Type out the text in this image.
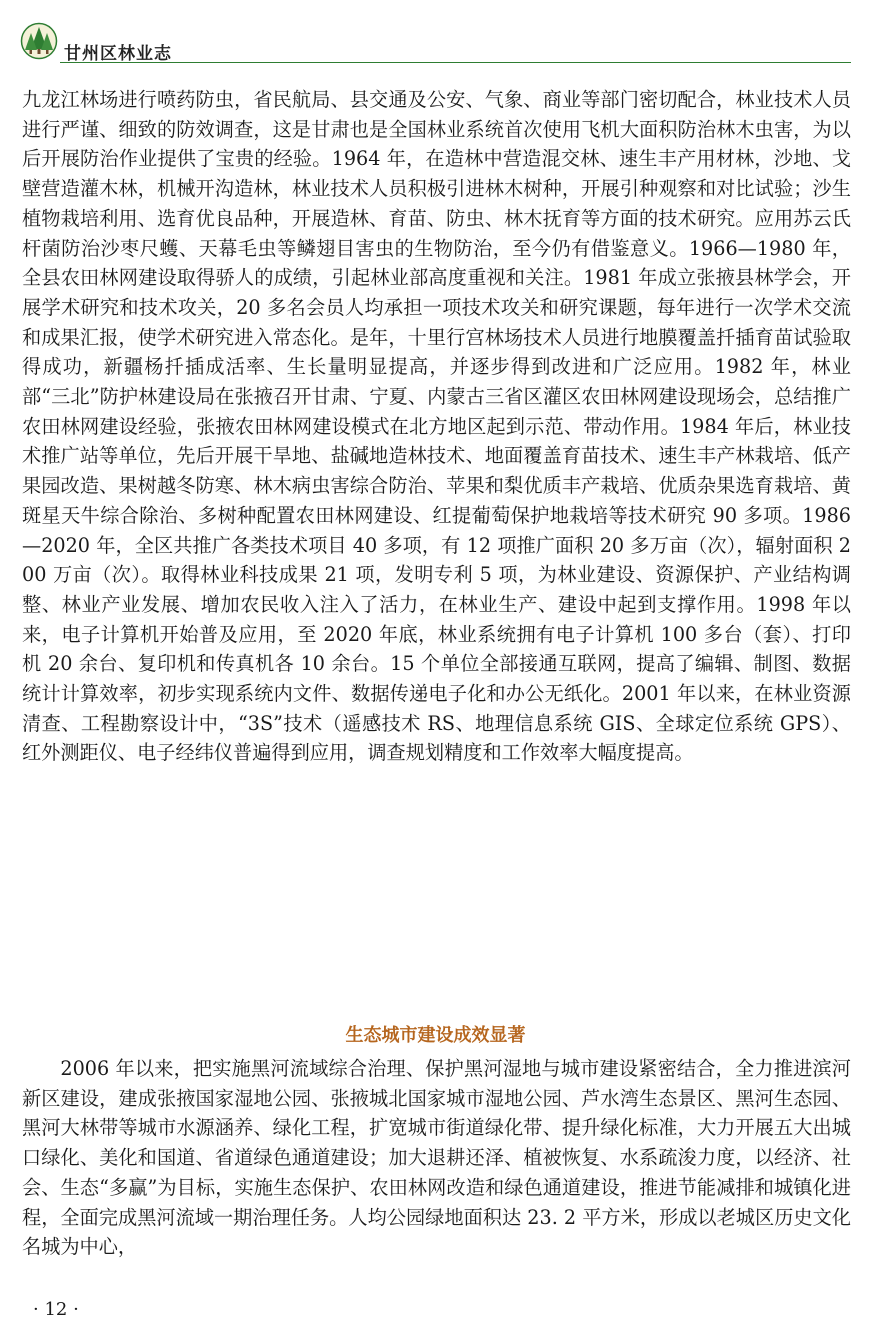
甘州区林业志

九龙江林场进行喷药防虫，省民航局、县交通及公安、气象、商业等部门密切配合，林业技术人员进行严谨、细致的防效调查，这是甘肃也是全国林业系统首次使用飞机大面积防治林木虫害，为以后开展防治作业提供了宝贵的经验。1964 年，在造林中营造混交林、速生丰产用材林，沙地、戈壁营造灌木林，机械开沟造林，林业技术人员积极引进林木树种，开展引种观察和对比试验；沙生植物栽培利用、选育优良品种，开展造林、育苗、防虫、林木抚育等方面的技术研究。应用苏云氏杆菌防治沙枣尺蠖、天幕毛虫等鳞翅目害虫的生物防治，至今仍有借鉴意义。1966—1980 年，全县农田林网建设取得骄人的成绩，引起林业部高度重视和关注。1981 年成立张掖县林学会，开展学术研究和技术攻关，20 多名会员人均承担一项技术攻关和研究课题，每年进行一次学术交流和成果汇报，使学术研究进入常态化。是年，十里行宫林场技术人员进行地膜覆盖扦插育苗试验取得成功，新疆杨扦插成活率、生长量明显提高，并逐步得到改进和广泛应用。1982 年，林业部“三北”防护林建设局在张掖召开甘肃、宁夏、内蒙古三省区灌区农田林网建设现场会，总结推广农田林网建设经验，张掖农田林网建设模式在北方地区起到示范、带动作用。1984 年后，林业技术推广站等单位，先后开展干旱地、盐碱地造林技术、地面覆盖育苗技术、速生丰产林栽培、低产果园改造、果树越冬防寒、林木病虫害综合防治、苹果和梨优质丰产栽培、优质杂果选育栽培、黄斑星天牛综合除治、多树种配置农田林网建设、红提葡萄保护地栽培等技术研究 90 多项。1986—2020 年，全区共推广各类技术项目 40 多项，有 12 项推广面积 20 多万亩（次），辐射面积 200 万亩（次）。取得林业科技成果 21 项，发明专利 5 项，为林业建设、资源保护、产业结构调整、林业产业发展、增加农民收入注入了活力，在林业生产、建设中起到支撑作用。1998 年以来，电子计算机开始普及应用，至 2020 年底，林业系统拥有电子计算机 100 多台（套）、打印机 20 余台、复印机和传真机各 10 余台。15 个单位全部接通互联网，提高了编辑、制图、数据统计计算效率，初步实现系统内文件、数据传递电子化和办公无纸化。2001 年以来，在林业资源清查、工程勘察设计中，“3S”技术（遥感技术 RS、地理信息系统 GIS、全球定位系统 GPS）、红外测距仪、电子经纬仪普遍得到应用，调查规划精度和工作效率大幅度提高。

生态城市建设成效显著

2006 年以来，把实施黑河流域综合治理、保护黑河湿地与城市建设紧密结合，全力推进滨河新区建设，建成张掖国家湿地公园、张掖城北国家城市湿地公园、芦水湾生态景区、黑河生态园、黑河大林带等城市水源涵养、绿化工程，扩宽城市街道绿化带、提升绿化标准，大力开展五大出城口绿化、美化和国道、省道绿色通道建设；加大退耕还泽、植被恢复、水系疏浚力度，以经济、社会、生态“多赢”为目标，实施生态保护、农田林网改造和绿色通道建设，推进节能减排和城镇化进程，全面完成黑河流域一期治理任务。人均公园绿地面积达 23. 2 平方米，形成以老城区历史文化名城为中心，

· 12 ·
